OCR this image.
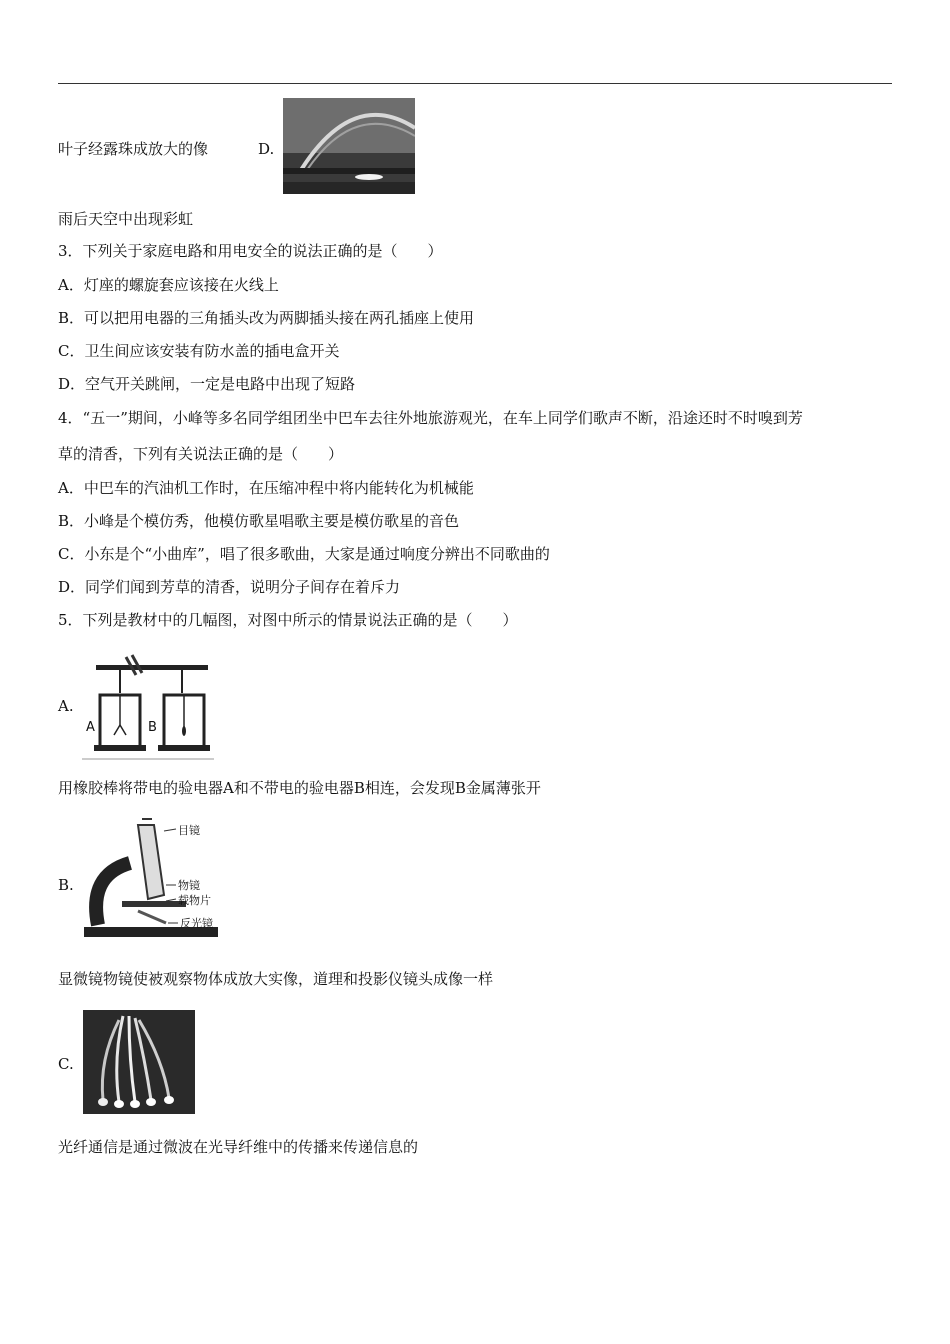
叶子经露珠成放大的像	D.
雨后天空中出现彩虹
3．下列关于家庭电路和用电安全的说法正确的是（　　）
A．灯座的螺旋套应该接在火线上
B．可以把用电器的三角插头改为两脚插头接在两孔插座上使用
C．卫生间应该安装有防水盖的插电盒开关
D．空气开关跳闸，一定是电路中出现了短路
4．“五一”期间，小峰等多名同学组团坐中巴车去往外地旅游观光，在车上同学们歌声不断，沿途还时不时嗅到芳
草的清香，下列有关说法正确的是（　　）
A．中巴车的汽油机工作时，在压缩冲程中将内能转化为机械能
B．小峰是个模仿秀，他模仿歌星唱歌主要是模仿歌星的音色
C．小东是个“小曲库”，唱了很多歌曲，大家是通过响度分辨出不同歌曲的
D．同学们闻到芳草的清香，说明分子间存在着斥力
5．下列是教材中的几幅图，对图中所示的情景说法正确的是（　　）
A.
A	B
用橡胶棒将带电的验电器A和不带电的验电器B相连，会发现B金属薄张开
B.
目镜
物镜
载物片
反光镜
显微镜物镜使被观察物体成放大实像，道理和投影仪镜头成像一样
C.
光纤通信是通过微波在光导纤维中的传播来传递信息的
